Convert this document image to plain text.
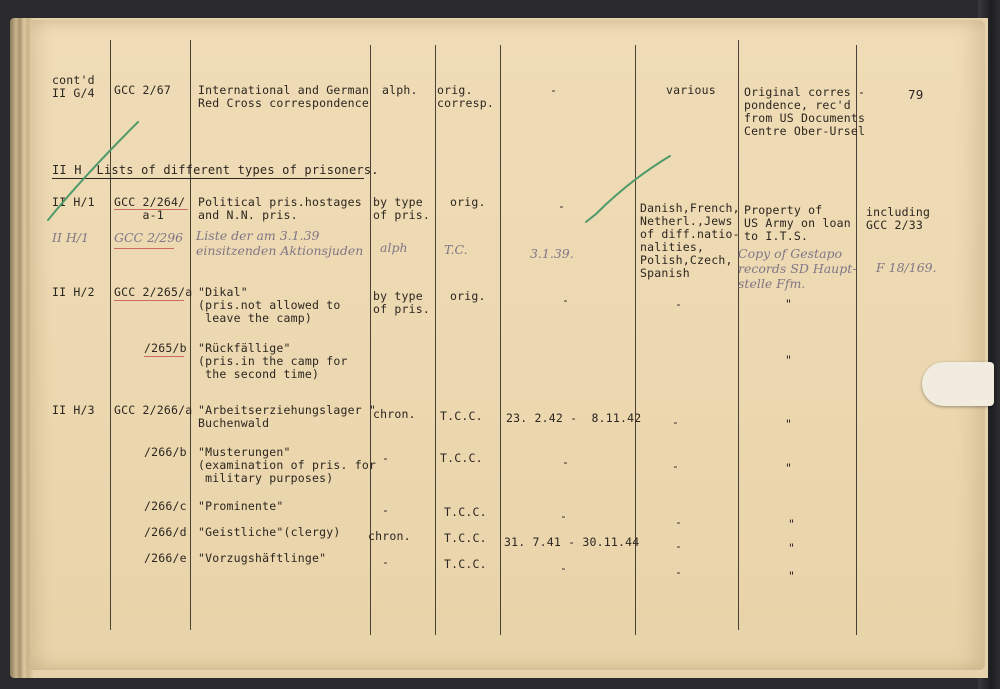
cont'd
II G/4 GCC 2/67 International and German
Red Cross correspondence
alph. orig.
corresp.
-	various Original corres -
pondence, rec'd
from US Documents
Centre Ober-Ursel
79
II H  Lists of different types of prisoners.
II H/1 GCC 2/264/
a-1
Political pris.hostages
and N.N. pris.
by type
of pris.
orig.	-	Danish,French,
Netherl.,Jews
of diff.natio-
nalities,
Polish,Czech,
Spanish
Property of
US Army on loan
to I.T.S.
including
GCC 2/33
II H/1 GCC 2/296 Liste der am 3.1.39
einsitzenden Aktionsjuden alph	T.C.	3.1.39.	Copy of Gestapo
records SD Haupt-
stelle Ffm.
F 18/169.
II H/2 GCC 2/265/a "Dikal"
(pris.not allowed to
leave the camp)
by type
of pris.
orig.	-	-	"
/265/b "Rückfällige"
(pris.in the camp for
the second time)
"
II H/3 GCC 2/266/a "Arbeitserziehungslager "
Buchenwald
chron. T.C.C. 23. 2.42 -  8.11.42	-	"
/266/b "Musterungen"
(examination of pris. for
military purposes)
-	T.C.C.	-	-	"
/266/c "Prominente"	-	T.C.C.	-	-	"
/266/d "Geistliche"(clergy) chron.	T.C.C. 31. 7.41 - 30.11.44	-	"
/266/e "Vorzugshäftlinge"	-	T.C.C.	-	-	"
